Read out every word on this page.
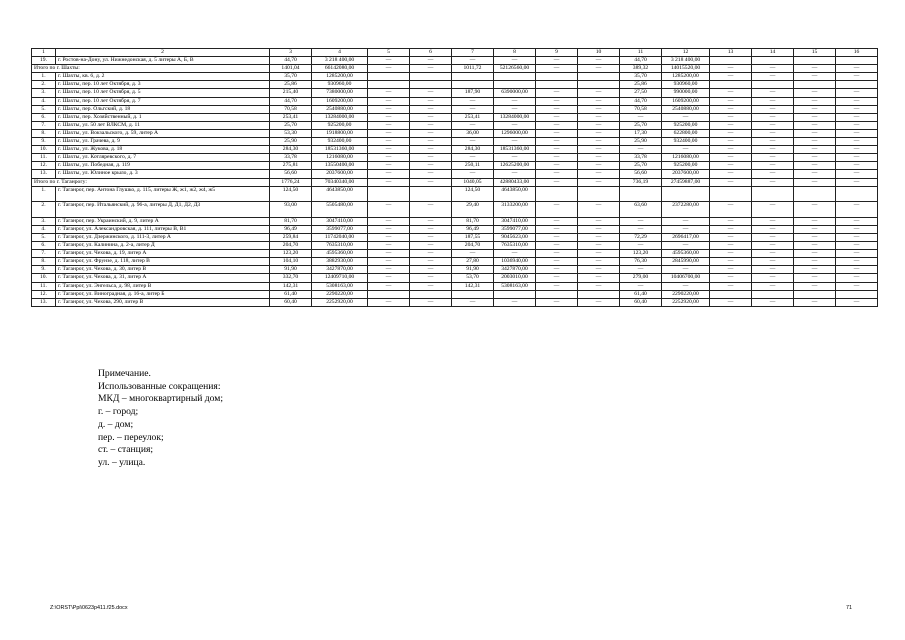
1	2	3	4	5	6	7	8	9	10	11	12	13	14	15	16
19.	г. Ростов-на-Дону, ул. Нижнедонская, д. 5 литеры А, Б, В	44,70	3 218 400,00	—	—	—	—	—	—	44,70	3 218 400,00				
Итого по г. Шахты:		1401,04	66142080,00	—	—	1011,72	52126560,00	—	—	389,32	14015520,00	—	—	—	—
1.	г. Шахты, кв. 6, д. 2	35,70	1285200,00							35,70	1285200,00	—	—	—	—
2.	г. Шахты, пер. 10 лет Октября, д. 3	25,86	930960,00							25,86	930960,00				
3.	г. Шахты, пер. 10 лет Октября, д. 5	215,40	7380000,00	—	—	187,90	6390000,00	—	—	27,50	990000,00	—	—	—	—
4.	г. Шахты, пер. 10 лет Октября, д. 7	44,70	1609200,00	—	—	—	—	—	—	44,70	1609200,00	—	—	—	—
5.	г. Шахты, пер. Ольгский, д. 18	70,58	2540880,00	—	—	—	—	—	—	70,58	2540880,00	—	—	—	—
6.	г. Шахты, пер. Хозяйственный, д. 1	253,41	13284000,00	—	—	253,41	13284000,00	—	—	—	—	—	—	—	—
7.	г. Шахты, ул. 50 лет ВЛКСМ, д. 11	25,70	925200,00	—	—	—	—	—	—	25,70	925200,00	—	—	—	—
8.	г. Шахты, ул. Вокзальского, д. 59, литер А	53,30	1918800,00	—	—	36,00	1296000,00	—	—	17,30	622800,00	—	—	—	—
9.	г. Шахты, ул. Грачева, д. 9	25,90	932400,00	—	—	—	—	—	—	25,90	932400,00	—	—	—	—
10.	г. Шахты, ул. Жукова, д. 18	284,30	18531360,00	—	—	284,30	18531360,00	—	—	—	—	—	—	—	—
11.	г. Шахты, ул. Котляревского, д. 7	33,78	1216080,00	—	—	—	—	—	—	33,78	1216080,00	—	—	—	—
12.	г. Шахты, ул. Победная, д. 119	275,81	13550400,00	—	—	250,11	12625200,00	—	—	25,70	925200,00	—	—	—	—
13.	г. Шахты, ул. Юлиное крыло, д. 3	56,60	2037600,00	—	—	—	—	—	—	56,60	2037600,00	—	—	—	—
Итого по г. Таганрогу:		1776,24	70340340,00	—	—	1040,05	42880433,00	—	—	736,19	27459887,00	—	—	—	—
1.	г. Таганрог, пер. Антона Глушко, д. 115, литеры Ж, ж1, ж2, ж4, ж5	124,50	4643850,00			124,50	4643850,00								
2.	г. Таганрог, пер. Итальянский, д. 96-а, литеры Д, Д1, Д2, Д3	93,00	5505480,00	—	—	29,40	3133200,00	—	—	63,60	2372280,00	—	—	—	—
3.	г. Таганрог, пер. Украинский, д. 9, литер А	81,70	3047410,00	—	—	81,70	3047410,00	—	—	—	—	—	—	—	—
4.	г. Таганрог, ул. Александровская, д. 111, литеры В, В1	96,49	3599077,00	—	—	96,49	3599077,00	—	—	—	—	—	—	—	—
5.	г. Таганрог, ул. Дзержинского, д. 111-3, литер А	259,84	11742040,00	—	—	187,55	9045623,00	—	—	72,29	2696417,00	—	—	—	—
6.	г. Таганрог, ул. Калинина, д. 2-а, литер Д	204,70	7635310,00	—	—	204,70	7635310,00	—	—	—	—	—	—	—	—
7.	г. Таганрог, ул. Чехова, д. 19, литер А	123,20	4595360,00	—	—	—	—	—	—	123,20	4595360,00	—	—	—	—
8.	г. Таганрог, ул. Фрунзе, д. 118, литер В	104,10	3882930,00	—	—	27,80	1036940,00	—	—	76,30	2845990,00	—	—	—	—
9.	г. Таганрог, ул. Чехова, д. 30, литер В	91,90	3427870,00	—	—	91,90	3427870,00	—	—	—	—	—	—	—	—
10.	г. Таганрог, ул. Чехова, д. 31, литер А	332,70	12409710,00	—	—	53,70	2003010,00	—	—	279,00	10406700,00	—	—	—	—
11.	г. Таганрог, ул. Энгельса, д. 98, литер В	142,31	5308163,00	—	—	142,31	5308163,00	—	—	—	—	—	—	—	—
12.	г. Таганрог, ул. Виноградная, д. 16-а, литер Б	61,40	2290220,00							61,40	2290220,00				
13.	г. Таганрог, ул. Чехова, 290, литер В	60,40	2252920,00	—	—	—	—	—	—	60,40	2252920,00	—	—	—	—
Примечание.
Использованные сокращения:
МКД – многоквартирный дом;
г. – город;
д. – дом;
пер. – переулок;
ст. – станция;
ул. – улица.
Z:\ORST\Ppi\0623p411.f25.docx	71
